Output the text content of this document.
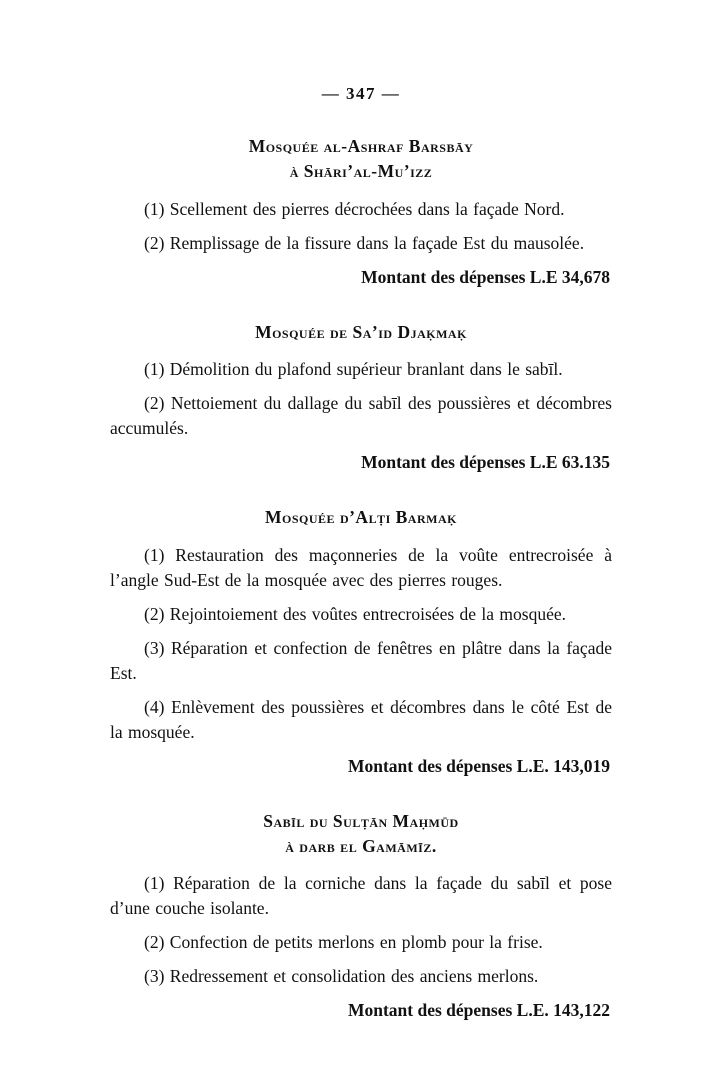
— 347 —
Mosquée al-Ashraf Barsbāy
à Shāri’al-Mu’izz

(1) Scellement des pierres décrochées dans la façade Nord.

(2) Remplissage de la fissure dans la façade Est du mausolée.

Montant des dépenses L.E 34,678

Mosquée de Sa’id Djaḳmaḳ

(1) Démolition du plafond supérieur branlant dans le sabīl.

(2) Nettoiement du dallage du sabīl des poussières et décombres accumulés.

Montant des dépenses L.E 63.135

Mosquée d’Alṭi Barmaḳ

(1) Restauration des maçonneries de la voûte entrecroisée à l’angle Sud-Est de la mosquée avec des pierres rouges.

(2) Rejointoiement des voûtes entrecroisées de la mosquée.

(3) Réparation et confection de fenêtres en plâtre dans la façade Est.

(4) Enlèvement des poussières et décombres dans le côté Est de la mosquée.

Montant des dépenses L.E. 143,019

Sabīl du Sulṭān Maḥmūd
à darb el Gamāmīz.

(1) Réparation de la corniche dans la façade du sabīl et pose d’une couche isolante.

(2) Confection de petits merlons en plomb pour la frise.

(3) Redressement et consolidation des anciens merlons.

Montant des dépenses L.E. 143,122
